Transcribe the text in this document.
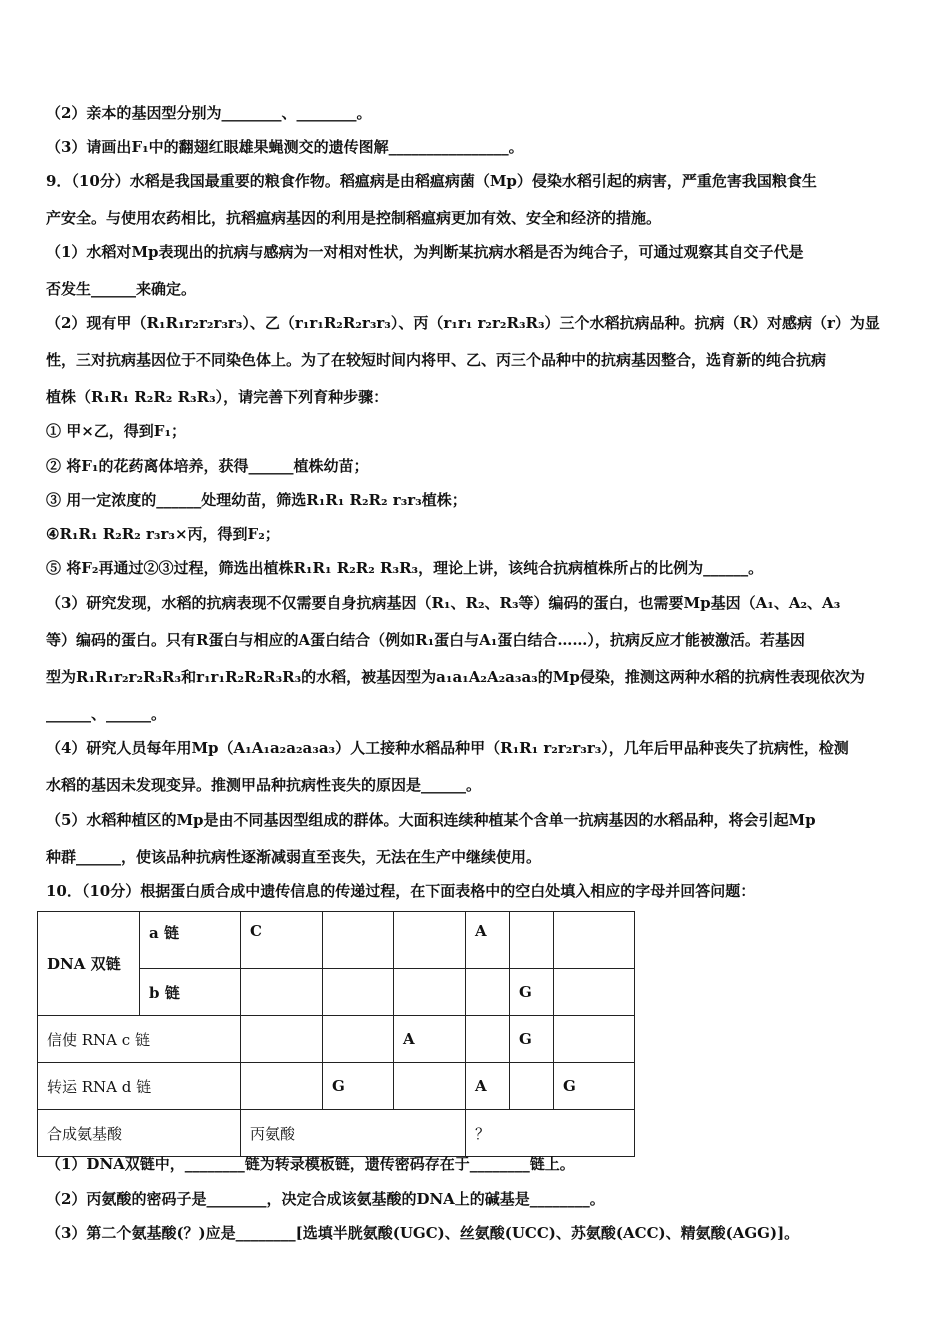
（2）亲本的基因型分别为________、________。
（3）请画出F₁中的翻翅红眼雄果蝇测交的遗传图解________________。
9．（10分）水稻是我国最重要的粮食作物。稻瘟病是由稻瘟病菌（Mp）侵染水稻引起的病害，严重危害我国粮食生
产安全。与使用农药相比，抗稻瘟病基因的利用是控制稻瘟病更加有效、安全和经济的措施。
（1）水稻对Mp表现出的抗病与感病为一对相对性状，为判断某抗病水稻是否为纯合子，可通过观察其自交子代是
否发生______来确定。
（2）现有甲（R₁R₁r₂r₂r₃r₃）、乙（r₁r₁R₂R₂r₃r₃）、丙（r₁r₁ r₂r₂R₃R₃）三个水稻抗病品种。抗病（R）对感病（r）为显
性，三对抗病基因位于不同染色体上。为了在较短时间内将甲、乙、丙三个品种中的抗病基因整合，选育新的纯合抗病
植株（R₁R₁ R₂R₂ R₃R₃），请完善下列育种步骤：
① 甲×乙，得到F₁；
② 将F₁的花药离体培养，获得______植株幼苗；
③ 用一定浓度的______处理幼苗，筛选R₁R₁ R₂R₂ r₃r₃植株；
④R₁R₁ R₂R₂ r₃r₃×丙，得到F₂；
⑤ 将F₂再通过②③过程，筛选出植株R₁R₁ R₂R₂ R₃R₃，理论上讲，该纯合抗病植株所占的比例为______。
（3）研究发现，水稻的抗病表现不仅需要自身抗病基因（R₁、R₂、R₃等）编码的蛋白，也需要Mp基因（A₁、A₂、A₃
等）编码的蛋白。只有R蛋白与相应的A蛋白结合（例如R₁蛋白与A₁蛋白结合……），抗病反应才能被激活。若基因
型为R₁R₁r₂r₂R₃R₃和r₁r₁R₂R₂R₃R₃的水稻，被基因型为a₁a₁A₂A₂a₃a₃的Mp侵染，推测这两种水稻的抗病性表现依次为
______、______。
（4）研究人员每年用Mp（A₁A₁a₂a₂a₃a₃）人工接种水稻品种甲（R₁R₁ r₂r₂r₃r₃），几年后甲品种丧失了抗病性，检测
水稻的基因未发现变异。推测甲品种抗病性丧失的原因是______。
（5）水稻种植区的Mp是由不同基因型组成的群体。大面积连续种植某个含单一抗病基因的水稻品种，将会引起Mp
种群______，使该品种抗病性逐渐减弱直至丧失，无法在生产中继续使用。
10．（10分）根据蛋白质合成中遗传信息的传递过程，在下面表格中的空白处填入相应的字母并回答问题：
DNA 双链	a 链	C			A		
	b 链					G	
信使 RNA c 链				A		G	
转运 RNA d 链			G		A		G
合成氨基酸		丙氨酸			？		
（1）DNA双链中，________链为转录模板链，遗传密码存在于________链上。
（2）丙氨酸的密码子是________，决定合成该氨基酸的DNA上的碱基是________。
（3）第二个氨基酸(？)应是________[选填半胱氨酸(UGC)、丝氨酸(UCC)、苏氨酸(ACC)、精氨酸(AGG)]。
